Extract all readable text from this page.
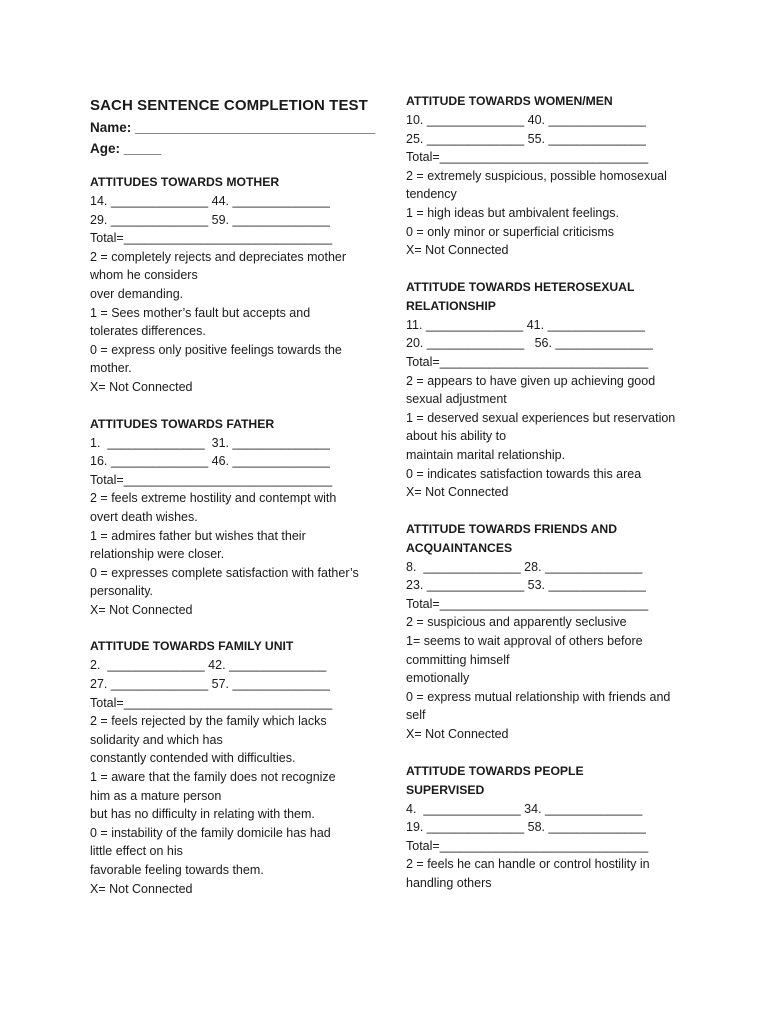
SACH SENTENCE COMPLETION TEST
Name: ________________________________
Age: _____
ATTITUDES TOWARDS MOTHER
14. ______________ 44. ______________
29. ______________ 59. ______________
Total=______________________________
2 = completely rejects and depreciates mother
whom he considers
over demanding.
1 = Sees mother’s fault but accepts and
tolerates differences.
0 = express only positive feelings towards the
mother.
X= Not Connected
ATTITUDES TOWARDS FATHER
1.  ______________  31. ______________
16. ______________ 46. ______________
Total=______________________________
2 = feels extreme hostility and contempt with
overt death wishes.
1 = admires father but wishes that their
relationship were closer.
0 = expresses complete satisfaction with father’s
personality.
X= Not Connected
ATTITUDE TOWARDS FAMILY UNIT
2.  ______________ 42. ______________
27. ______________ 57. ______________
Total=______________________________
2 = feels rejected by the family which lacks
solidarity and which has
constantly contended with difficulties.
1 = aware that the family does not recognize
him as a mature person
but has no difficulty in relating with them.
0 = instability of the family domicile has had
little effect on his
favorable feeling towards them.
X= Not Connected
ATTITUDE TOWARDS WOMEN/MEN
10. ______________ 40. ______________
25. ______________ 55. ______________
Total=______________________________
2 = extremely suspicious, possible homosexual
tendency
1 = high ideas but ambivalent feelings.
0 = only minor or superficial criticisms
X= Not Connected
ATTITUDE TOWARDS HETEROSEXUAL
RELATIONSHIP
11. ______________ 41. ______________
20. ______________   56. ______________
Total=______________________________
2 = appears to have given up achieving good
sexual adjustment
1 = deserved sexual experiences but reservation
about his ability to
maintain marital relationship.
0 = indicates satisfaction towards this area
X= Not Connected
ATTITUDE TOWARDS FRIENDS AND
ACQUAINTANCES
8.  ______________ 28. ______________
23. ______________ 53. ______________
Total=______________________________
2 = suspicious and apparently seclusive
1= seems to wait approval of others before
committing himself
emotionally
0 = express mutual relationship with friends and
self
X= Not Connected
ATTITUDE TOWARDS PEOPLE
SUPERVISED
4.  ______________ 34. ______________
19. ______________ 58. ______________
Total=______________________________
2 = feels he can handle or control hostility in
handling others
